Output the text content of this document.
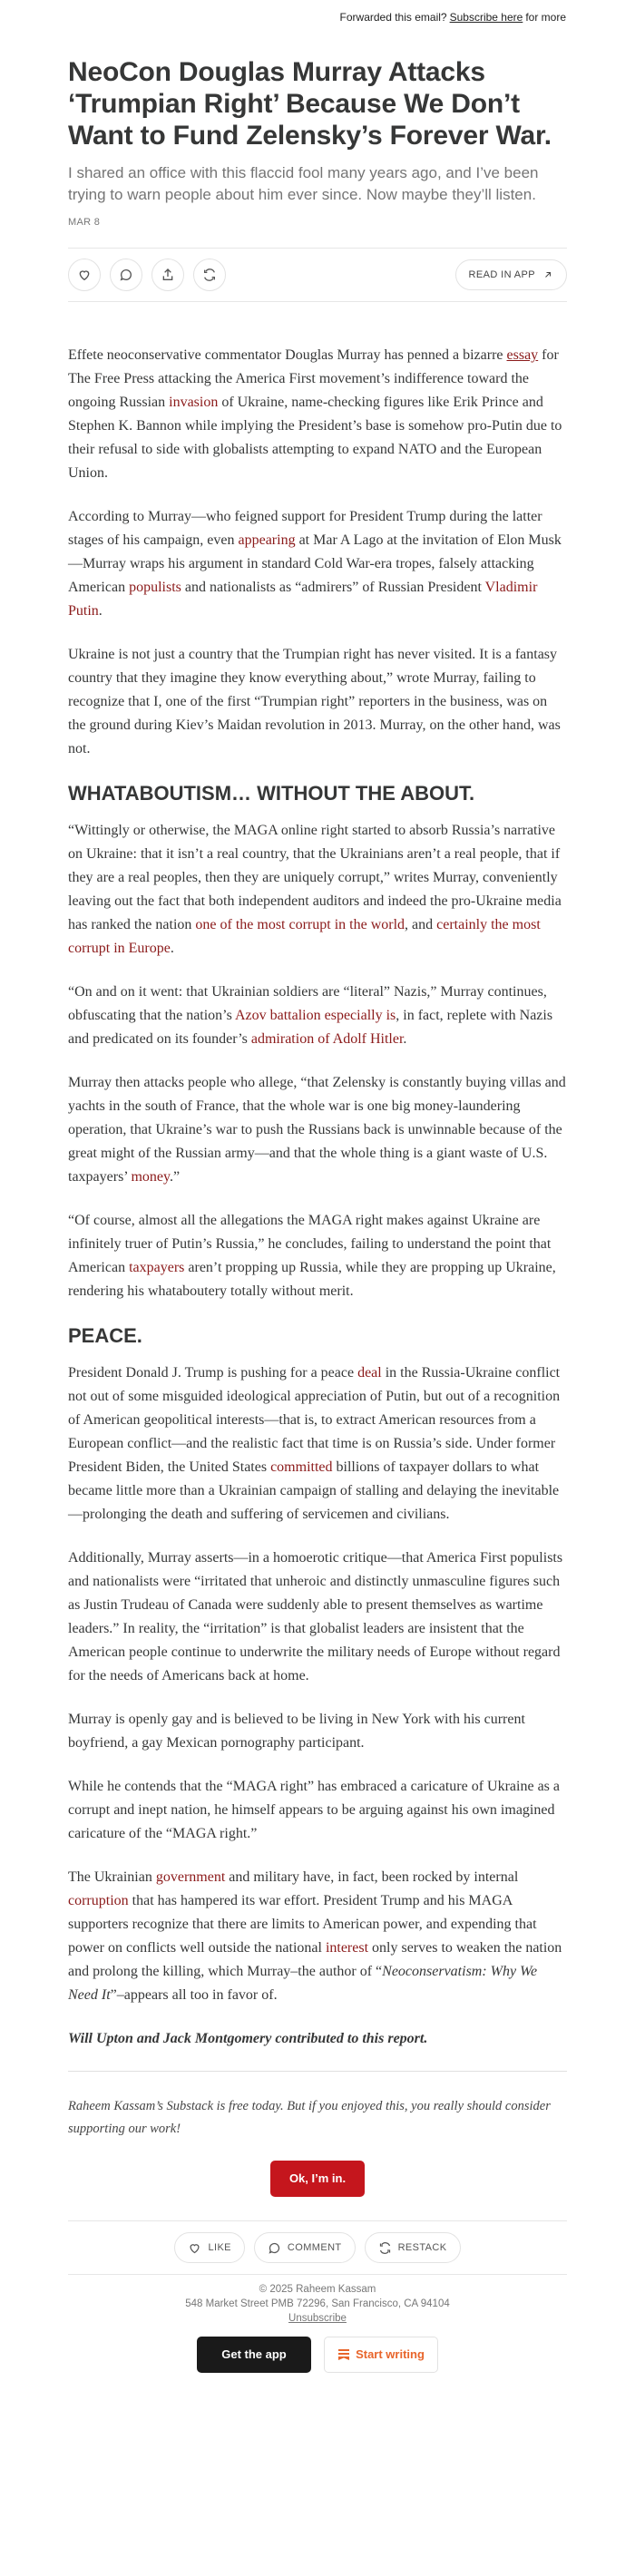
Forwarded this email? Subscribe here for more
NeoCon Douglas Murray Attacks ‘Trumpian Right’ Because We Don’t Want to Fund Zelensky’s Forever War.
I shared an office with this flaccid fool many years ago, and I’ve been trying to warn people about him ever since. Now maybe they’ll listen.
MAR 8
READ IN APP

Effete neoconservative commentator Douglas Murray has penned a bizarre essay for The Free Press attacking the America First movement’s indifference toward the ongoing Russian invasion of Ukraine, name-checking figures like Erik Prince and Stephen K. Bannon while implying the President’s base is somehow pro-Putin due to their refusal to side with globalists attempting to expand NATO and the European Union.

According to Murray—who feigned support for President Trump during the latter stages of his campaign, even appearing at Mar A Lago at the invitation of Elon Musk—Murray wraps his argument in standard Cold War-era tropes, falsely attacking American populists and nationalists as “admirers” of Russian President Vladimir Putin.

Ukraine is not just a country that the Trumpian right has never visited. It is a fantasy country that they imagine they know everything about,” wrote Murray, failing to recognize that I, one of the first “Trumpian right” reporters in the business, was on the ground during Kiev’s Maidan revolution in 2013. Murray, on the other hand, was not.

WHATABOUTISM… WITHOUT THE ABOUT.

“Wittingly or otherwise, the MAGA online right started to absorb Russia’s narrative on Ukraine: that it isn’t a real country, that the Ukrainians aren’t a real people, that if they are a real peoples, then they are uniquely corrupt,” writes Murray, conveniently leaving out the fact that both independent auditors and indeed the pro-Ukraine media has ranked the nation one of the most corrupt in the world, and certainly the most corrupt in Europe.

“On and on it went: that Ukrainian soldiers are “literal” Nazis,” Murray continues, obfuscating that the nation’s Azov battalion especially is, in fact, replete with Nazis and predicated on its founder’s admiration of Adolf Hitler.

Murray then attacks people who allege, “that Zelensky is constantly buying villas and yachts in the south of France, that the whole war is one big money-laundering operation, that Ukraine’s war to push the Russians back is unwinnable because of the great might of the Russian army—and that the whole thing is a giant waste of U.S. taxpayers’ money.”

“Of course, almost all the allegations the MAGA right makes against Ukraine are infinitely truer of Putin’s Russia,” he concludes, failing to understand the point that American taxpayers aren’t propping up Russia, while they are propping up Ukraine, rendering his whataboutery totally without merit.

PEACE.

President Donald J. Trump is pushing for a peace deal in the Russia-Ukraine conflict not out of some misguided ideological appreciation of Putin, but out of a recognition of American geopolitical interests—that is, to extract American resources from a European conflict—and the realistic fact that time is on Russia’s side. Under former President Biden, the United States committed billions of taxpayer dollars to what became little more than a Ukrainian campaign of stalling and delaying the inevitable—prolonging the death and suffering of servicemen and civilians.

Additionally, Murray asserts—in a homoerotic critique—that America First populists and nationalists were “irritated that unheroic and distinctly unmasculine figures such as Justin Trudeau of Canada were suddenly able to present themselves as wartime leaders.” In reality, the “irritation” is that globalist leaders are insistent that the American people continue to underwrite the military needs of Europe without regard for the needs of Americans back at home.

Murray is openly gay and is believed to be living in New York with his current boyfriend, a gay Mexican pornography participant.

While he contends that the “MAGA right” has embraced a caricature of Ukraine as a corrupt and inept nation, he himself appears to be arguing against his own imagined caricature of the “MAGA right.”

The Ukrainian government and military have, in fact, been rocked by internal corruption that has hampered its war effort. President Trump and his MAGA supporters recognize that there are limits to American power, and expending that power on conflicts well outside the national interest only serves to weaken the nation and prolong the killing, which Murray–the author of “Neoconservatism: Why We Need It”–appears all too in favor of.

Will Upton and Jack Montgomery contributed to this report.

Raheem Kassam’s Substack is free today. But if you enjoyed this, you really should consider supporting our work!

Ok, I’m in.
LIKE	COMMENT	RESTACK
© 2025 Raheem Kassam
548 Market Street PMB 72296, San Francisco, CA 94104
Unsubscribe
Get the app	Start writing
